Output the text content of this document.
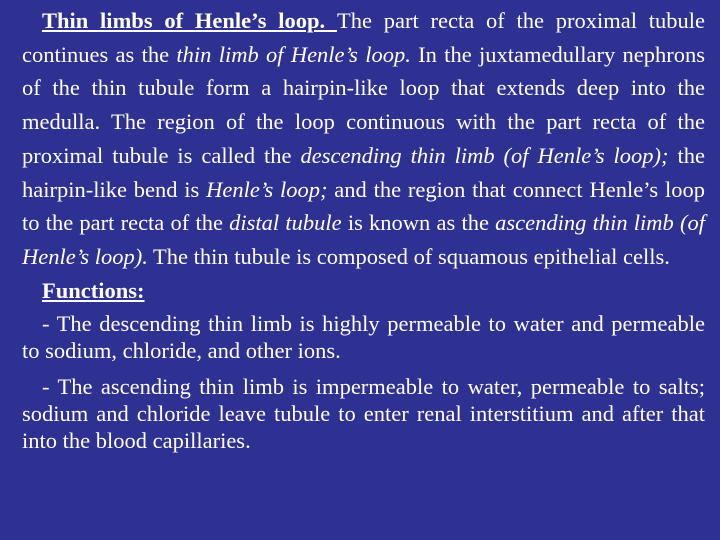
Thin limbs of Henle’s loop. The part recta of the proximal tubule continues as the thin limb of Henle’s loop. In the juxtamedullary nephrons of the thin tubule form a hairpin-like loop that extends deep into the medulla. The region of the loop continuous with the part recta of the proximal tubule is called the descending thin limb (of Henle’s loop); the hairpin-like bend is Henle’s loop; and the region that connect Henle’s loop to the part recta of the distal tubule is known as the ascending thin limb (of Henle’s loop). The thin tubule is composed of squamous epithelial cells.

Functions:

- The descending thin limb is highly permeable to water and permeable to sodium, chloride, and other ions.

- The ascending thin limb is impermeable to water, permeable to salts; sodium and chloride leave tubule to enter renal interstitium and after that into the blood capillaries.
